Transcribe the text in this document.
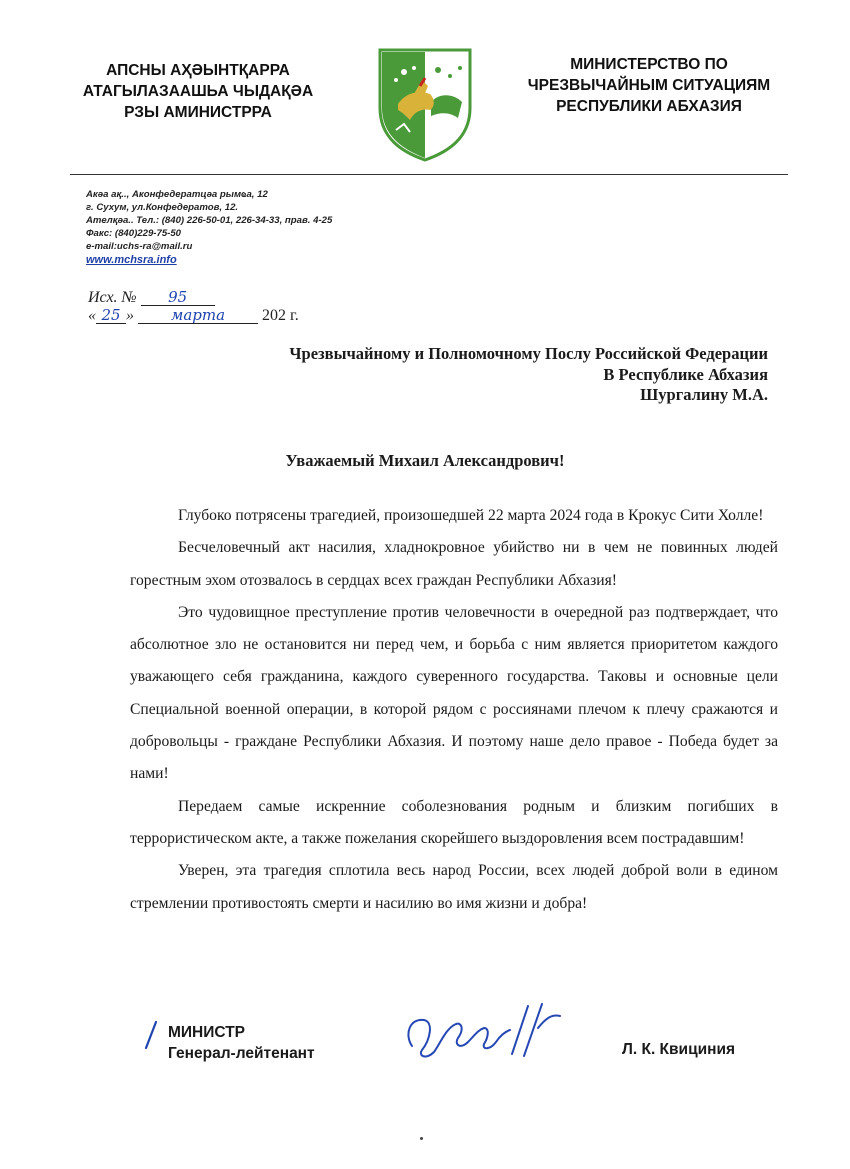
АПСНЫ АҲӘЫНТҚАРРА
АТАГЫЛАЗААШЬА ЧЫДАҚӘА
РЗЫ АМИНИСТРРА
МИНИСТЕРСТВО ПО
ЧРЕЗВЫЧАЙНЫМ СИТУАЦИЯМ
РЕСПУБЛИКИ АБХАЗИЯ
Акəа ақ.., Аконфедератцәа рымҩа, 12
г. Сухум, ул.Конфедератов, 12.
Ателқәа.. Тел.: (840) 226-50-01, 226-34-33, прав. 4-25
Факс: (840)229-75-50
e-mail:uchs-ra@mail.ru
www.mchsra.info
Исх. № 95
« 25 » марта 202 г.
Чрезвычайному и Полномочному Послу Российской Федерации
В Республике Абхазия
Шургалину М.А.
Уважаемый Михаил Александрович!

Глубоко потрясены трагедией, произошедшей 22 марта 2024 года в Крокус Сити Холле!

Бесчеловечный акт насилия, хладнокровное убийство ни в чем не повинных людей горестным эхом отозвалось в сердцах всех граждан Республики Абхазия!

Это чудовищное преступление против человечности в очередной раз подтверждает, что абсолютное зло не остановится ни перед чем, и борьба с ним является приоритетом каждого уважающего себя гражданина, каждого суверенного государства. Таковы и основные цели Специальной военной операции, в которой рядом с россиянами плечом к плечу сражаются и добровольцы - граждане Республики Абхазия. И поэтому наше дело правое - Победа будет за нами!

Передаем самые искренние соболезнования родным и близким погибших в террористическом акте, а также пожелания скорейшего выздоровления всем пострадавшим!

Уверен, эта трагедия сплотила весь народ России, всех людей доброй воли в едином стремлении противостоять смерти и насилию во имя жизни и добра!

МИНИСТР
Генерал-лейтенант	Л. К. Квициния
